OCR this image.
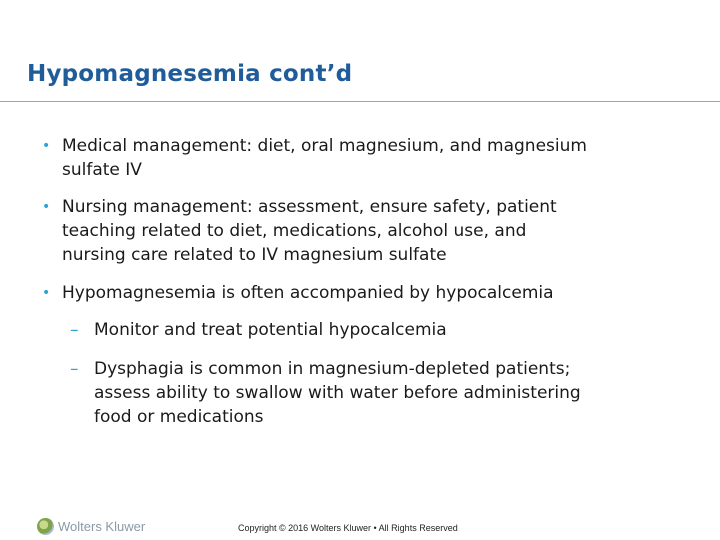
Hypomagnesemia cont’d
• Medical management: diet, oral magnesium, and magnesium
sulfate IV
• Nursing management: assessment, ensure safety, patient
teaching related to diet, medications, alcohol use, and
nursing care related to IV magnesium sulfate
• Hypomagnesemia is often accompanied by hypocalcemia
– Monitor and treat potential hypocalcemia
– Dysphagia is common in magnesium-depleted patients;
assess ability to swallow with water before administering
food or medications
Wolters Kluwer	Copyright © 2016 Wolters Kluwer • All Rights Reserved
